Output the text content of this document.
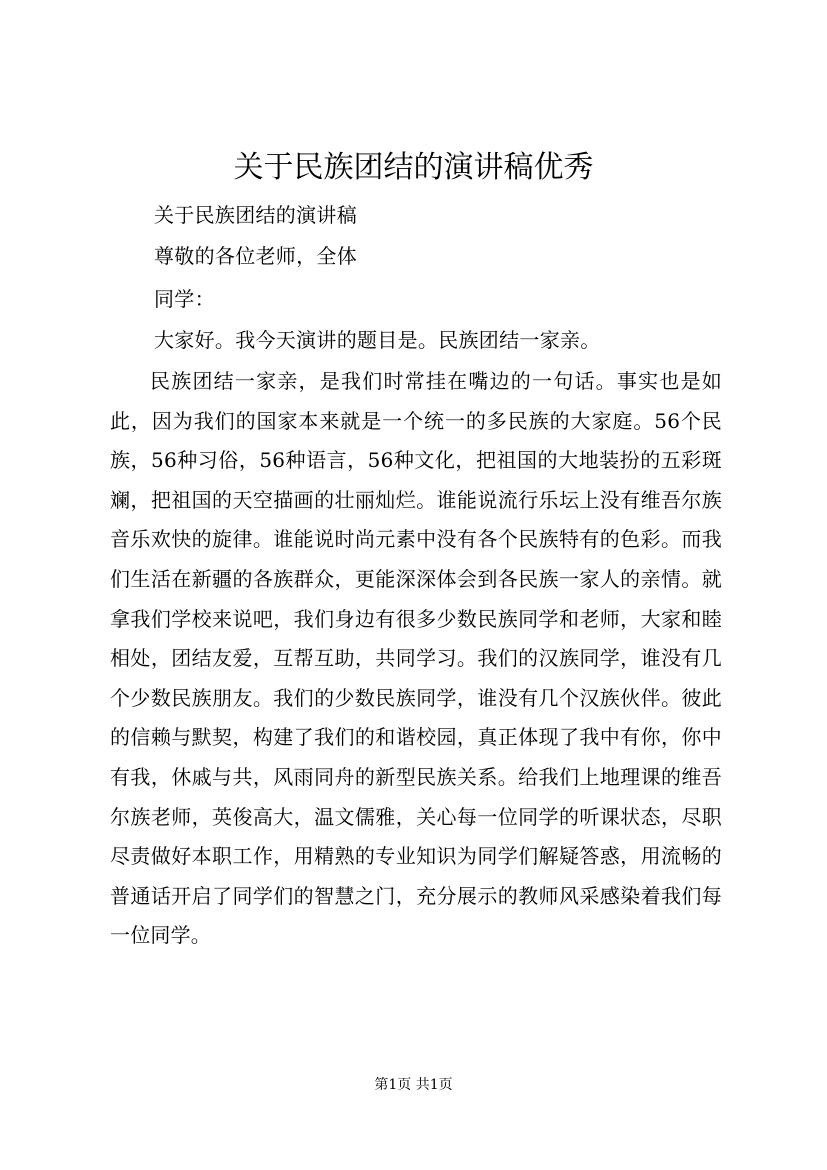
关于民族团结的演讲稿优秀
关于民族团结的演讲稿
尊敬的各位老师，全体
同学：
大家好。我今天演讲的题目是。民族团结一家亲。
民族团结一家亲，是我们时常挂在嘴边的一句话。事实也是如此，因为我们的国家本来就是一个统一的多民族的大家庭。56个民族，56种习俗，56种语言，56种文化，把祖国的大地装扮的五彩斑斓，把祖国的天空描画的壮丽灿烂。谁能说流行乐坛上没有维吾尔族音乐欢快的旋律。谁能说时尚元素中没有各个民族特有的色彩。而我们生活在新疆的各族群众，更能深深体会到各民族一家人的亲情。就拿我们学校来说吧，我们身边有很多少数民族同学和老师，大家和睦相处，团结友爱，互帮互助，共同学习。我们的汉族同学，谁没有几个少数民族朋友。我们的少数民族同学，谁没有几个汉族伙伴。彼此的信赖与默契，构建了我们的和谐校园，真正体现了我中有你，你中有我，休戚与共，风雨同舟的新型民族关系。给我们上地理课的维吾尔族老师，英俊高大，温文儒雅，关心每一位同学的听课状态，尽职尽责做好本职工作，用精熟的专业知识为同学们解疑答惑，用流畅的普通话开启了同学们的智慧之门，充分展示的教师风采感染着我们每一位同学。
第1页 共1页
